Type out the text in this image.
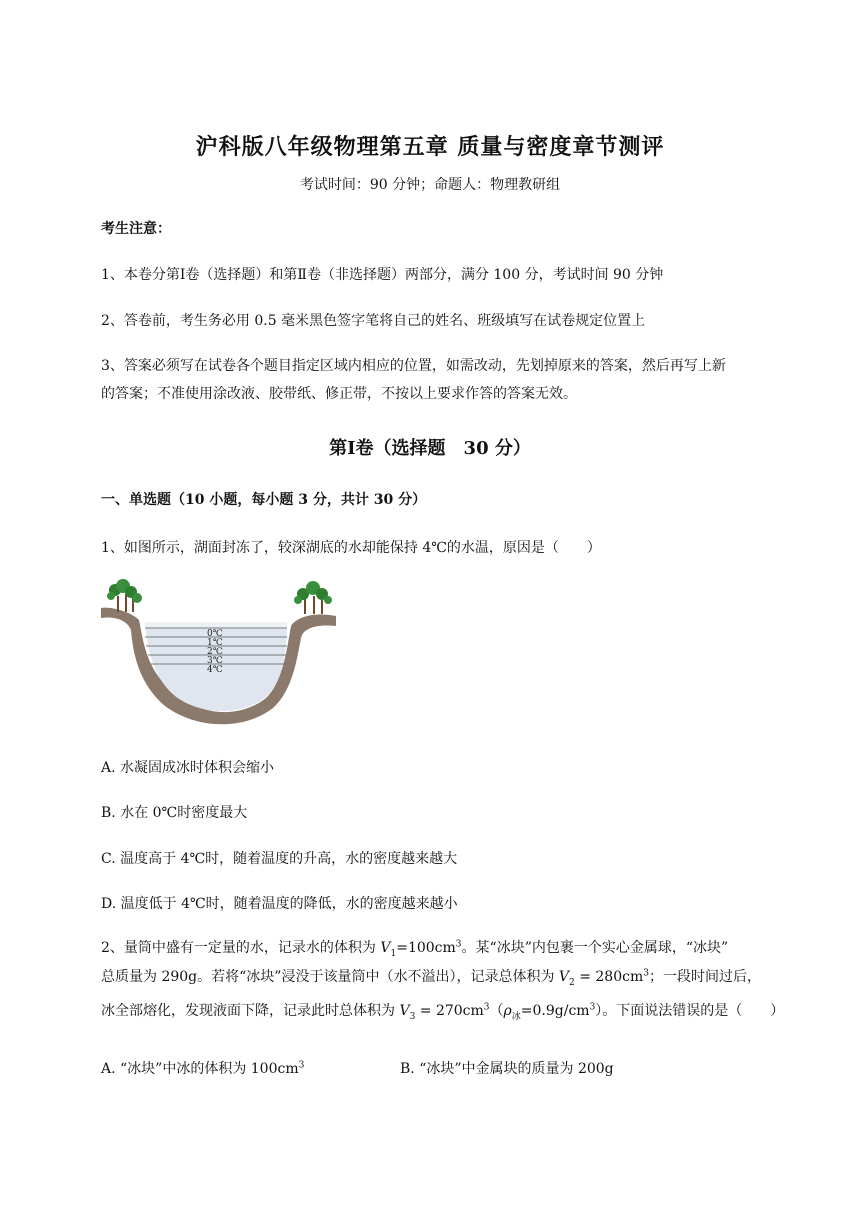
沪科版八年级物理第五章 质量与密度章节测评
考试时间：90 分钟；命题人：物理教研组
考生注意：
1、本卷分第Ⅰ卷（选择题）和第Ⅱ卷（非选择题）两部分，满分 100 分，考试时间 90 分钟
2、答卷前，考生务必用 0.5 毫米黑色签字笔将自己的姓名、班级填写在试卷规定位置上
3、答案必须写在试卷各个题目指定区域内相应的位置，如需改动，先划掉原来的答案，然后再写上新
的答案；不准使用涂改液、胶带纸、修正带，不按以上要求作答的答案无效。
第Ⅰ卷（选择题　30 分）
一、单选题（10 小题，每小题 3 分，共计 30 分）
1、如图所示，湖面封冻了，较深湖底的水却能保持 4℃的水温，原因是（　　）
0℃
1℃
2℃
3℃
4℃
A. 水凝固成冰时体积会缩小
B. 水在 0℃时密度最大
C. 温度高于 4℃时，随着温度的升高，水的密度越来越大
D. 温度低于 4℃时，随着温度的降低，水的密度越来越小
2、量筒中盛有一定量的水，记录水的体积为 $V_1=100cm^3$。某“冰块”内包裹一个实心金属球，“冰块”
总质量为 290g。若将“冰块”浸没于该量筒中（水不溢出），记录总体积为 $V_2 = 280cm^3$；一段时间过后，
冰全部熔化，发现液面下降，记录此时总体积为 $V_3 = 270cm^3(\rho_冰=0.9g/cm^3)$。下面说法错误的是（　　）
A. “冰块”中冰的体积为 $100cm^3$	B. “冰块”中金属块的质量为 200g
